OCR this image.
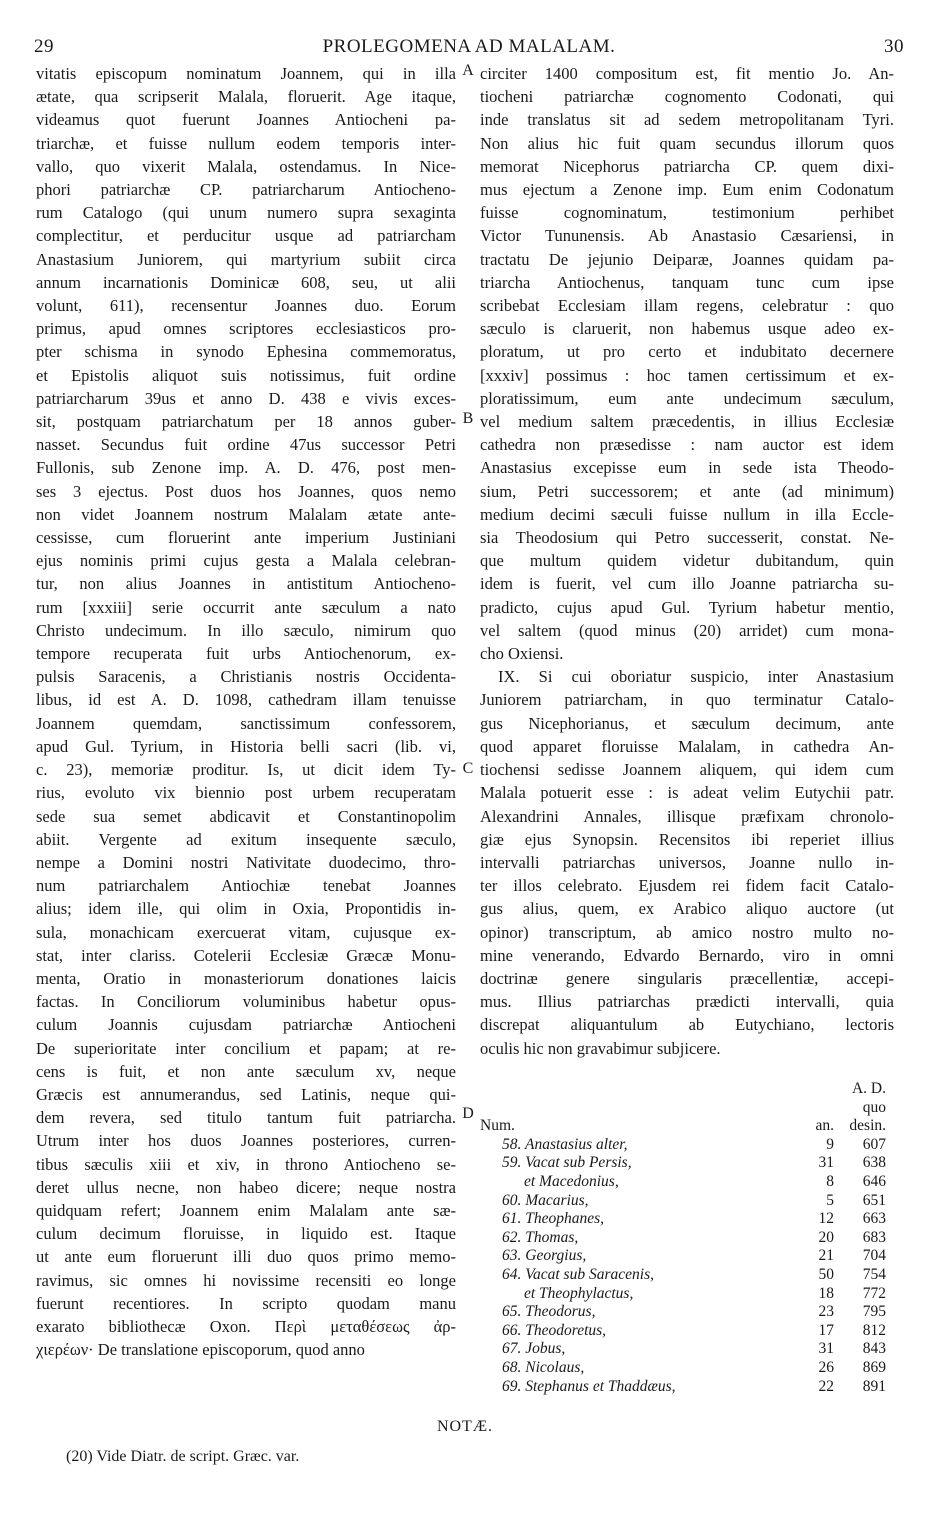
29	PROLEGOMENA AD MALALAM.	30
vitatis episcopum nominatum Joannem, qui in illa
ætate, qua scripserit Malala, floruerit. Age itaque,
videamus quot fuerunt Joannes Antiocheni pa-
triarchæ, et fuisse nullum eodem temporis inter-
vallo, quo vixerit Malala, ostendamus. In Nice-
phori patriarchæ CP. patriarcharum Antiocheno-
rum Catalogo (qui unum numero supra sexaginta
complectitur, et perducitur usque ad patriarcham
Anastasium Juniorem, qui martyrium subiit circa
annum incarnationis Dominicæ 608, seu, ut alii
volunt, 611), recensentur Joannes duo. Eorum
primus, apud omnes scriptores ecclesiasticos pro-
pter schisma in synodo Ephesina commemoratus,
et Epistolis aliquot suis notissimus, fuit ordine
patriarcharum 39us et anno D. 438 e vivis exces-
sit, postquam patriarchatum per 18 annos guber-
nasset. Secundus fuit ordine 47us successor Petri
Fullonis, sub Zenone imp. A. D. 476, post men-
ses 3 ejectus. Post duos hos Joannes, quos nemo
non videt Joannem nostrum Malalam ætate ante-
cessisse, cum floruerint ante imperium Justiniani
ejus nominis primi cujus gesta a Malala celebran-
tur, non alius Joannes in antistitum Antiocheno-
rum [xxxiii] serie occurrit ante sæculum a nato
Christo undecimum. In illo sæculo, nimirum quo
tempore recuperata fuit urbs Antiochenorum, ex-
pulsis Saracenis, a Christianis nostris Occidenta-
libus, id est A. D. 1098, cathedram illam tenuisse
Joannem quemdam, sanctissimum confessorem,
apud Gul. Tyrium, in Historia belli sacri (lib. vi,
c. 23), memoriæ proditur. Is, ut dicit idem Ty-
rius, evoluto vix biennio post urbem recuperatam
sede sua semet abdicavit et Constantinopolim
abiit. Vergente ad exitum insequente sæculo,
nempe a Domini nostri Nativitate duodecimo, thro-
num patriarchalem Antiochiæ tenebat Joannes
alius; idem ille, qui olim in Oxia, Propontidis in-
sula, monachicam exercuerat vitam, cujusque ex-
stat, inter clariss. Cotelerii Ecclesiæ Græcæ Monu-
menta, Oratio in monasteriorum donationes laicis
factas. In Conciliorum voluminibus habetur opus-
culum Joannis cujusdam patriarchæ Antiocheni
De superioritate inter concilium et papam; at re-
cens is fuit, et non ante sæculum xv, neque
Græcis est annumerandus, sed Latinis, neque qui-
dem revera, sed titulo tantum fuit patriarcha.
Utrum inter hos duos Joannes posteriores, curren-
tibus sæculis xiii et xiv, in throno Antiocheno se-
deret ullus necne, non habeo dicere; neque nostra
quidquam refert; Joannem enim Malalam ante sæ-
culum decimum floruisse, in liquido est. Itaque
ut ante eum floruerunt illi duo quos primo memo-
ravimus, sic omnes hi novissime recensiti eo longe
fuerunt recentiores. In scripto quodam manu
exarato bibliothecæ Oxon. Περὶ μεταθέσεως ἀρ-
χιερέων· De translatione episcoporum, quod anno
circiter 1400 compositum est, fit mentio Jo. An-
tiocheni patriarchæ cognomento Codonati, qui
inde translatus sit ad sedem metropolitanam Tyri.
Non alius hic fuit quam secundus illorum quos
memorat Nicephorus patriarcha CP. quem dixi-
mus ejectum a Zenone imp. Eum enim Codonatum
fuisse cognominatum, testimonium perhibet
Victor Tununensis. Ab Anastasio Cæsariensi, in
tractatu De jejunio Deiparæ, Joannes quidam pa-
triarcha Antiochenus, tanquam tunc cum ipse
scribebat Ecclesiam illam regens, celebratur : quo
sæculo is claruerit, non habemus usque adeo ex-
ploratum, ut pro certo et indubitato decernere
[xxxiv] possimus : hoc tamen certissimum et ex-
ploratissimum, eum ante undecimum sæculum,
vel medium saltem præcedentis, in illius Ecclesiæ
cathedra non præsedisse : nam auctor est idem
Anastasius excepisse eum in sede ista Theodo-
sium, Petri successorem; et ante (ad minimum)
medium decimi sæculi fuisse nullum in illa Eccle-
sia Theodosium qui Petro successerit, constat. Ne-
que multum quidem videtur dubitandum, quin
idem is fuerit, vel cum illo Joanne patriarcha su-
pradicto, cujus apud Gul. Tyrium habetur mentio,
vel saltem (quod minus (20) arridet) cum mona-
cho Oxiensi.
IX. Si cui oboriatur suspicio, inter Anastasium
Juniorem patriarcham, in quo terminatur Catalo-
gus Nicephorianus, et sæculum decimum, ante
quod apparet floruisse Malalam, in cathedra An-
tiochensi sedisse Joannem aliquem, qui idem cum
Malala potuerit esse : is adeat velim Eutychii patr.
Alexandrini Annales, illisque præfixam chronolo-
giæ ejus Synopsin. Recensitos ibi reperiet illius
intervalli patriarchas universos, Joanne nullo in-
ter illos celebrato. Ejusdem rei fidem facit Catalo-
gus alius, quem, ex Arabico aliquo auctore (ut
opinor) transcriptum, ab amico nostro multo no-
mine venerando, Edvardo Bernardo, viro in omni
doctrinæ genere singularis præcellentiæ, accepi-
mus. Illius patriarchas prædicti intervalli, quia
discrepat aliquantulum ab Eutychiano, lectoris
oculis hic non gravabimur subjicere.
A
B
C
D
A. D.
quo
Num.	an. desin.
58. Anastasius alter,	9	607
59. Vacat sub Persis,	31	638
et Macedonius,	8	646
60. Macarius,	5	651
61. Theophanes,	12	663
62. Thomas,	20	683
63. Georgius,	21	704
64. Vacat sub Saracenis,	50	754
et Theophylactus,	18	772
65. Theodorus,	23	795
66. Theodoretus,	17	812
67. Jobus,	31	843
68. Nicolaus,	26	869
69. Stephanus et Thaddæus,	22	891
NOTÆ.
(20) Vide Diatr. de script. Græc. var.
